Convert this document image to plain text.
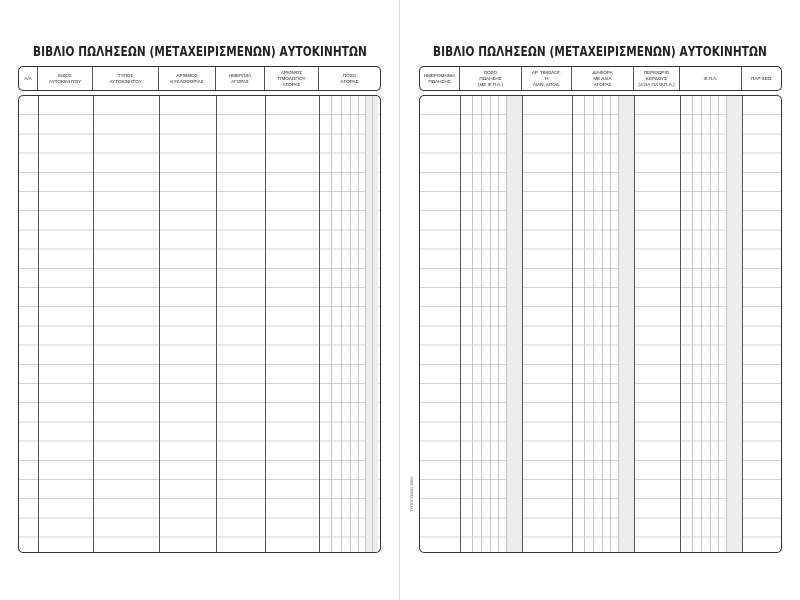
ΒΙΒΛΙΟ ΠΩΛΗΣΕΩΝ (ΜΕΤΑΧΕΙΡΙΣΜΕΝΩΝ) ΑΥΤΟΚΙΝΗΤΩΝ
Α/Α
ΕΙΔΟΣ
ΑΥΤΟΚΙΝΗΤΟΥ
ΤΥΠΟΣ
ΑΥΤΟΚΙΝΗΤΟΥ
ΑΡΙΘΜΟΣ
ΚΥΚΛΟΦΟΡΙΑΣ
ΗΜΕΡ/ΝΙΑ
ΑΓΟΡΑΣ
ΑΡΙΘΜΟΣ
ΤΙΜΟΛΟΓΙΟΥ
ΑΓΟΡΑΣ
ΠΟΣΟ
ΑΓΟΡΑΣ
ΒΙΒΛΙΟ ΠΩΛΗΣΕΩΝ (ΜΕΤΑΧΕΙΡΙΣΜΕΝΩΝ) ΑΥΤΟΚΙΝΗΤΩΝ
ΗΜΕΡΟΜΗΝΙΑ
ΠΩΛΗΣΗΣ
ΠΟΣΟ
ΠΩΛΗΣΗΣ
(ΜΕ Φ.Π.Α.)
ΑΡ. ΤΙΜΟΛΟΓ.
Ή
ΛΙΑΝ. ΑΠΟΔ.
ΔΙΑΦΟΡΑ
ΜΕ ΑΞΙΑ
ΑΓΟΡΑΣ
ΠΕΡΙΘΩΡΙΟ
ΚΕΡΔΟΥΣ
(ΑΞΙΑ ΓΙΑ Φ.Π.Α.)
Φ.Π.Α.	ΠΑΡ-ΣΕΙΣ
ΤΥΠΟΓΡΑΦΕΙ ΒΙΒΛ.
